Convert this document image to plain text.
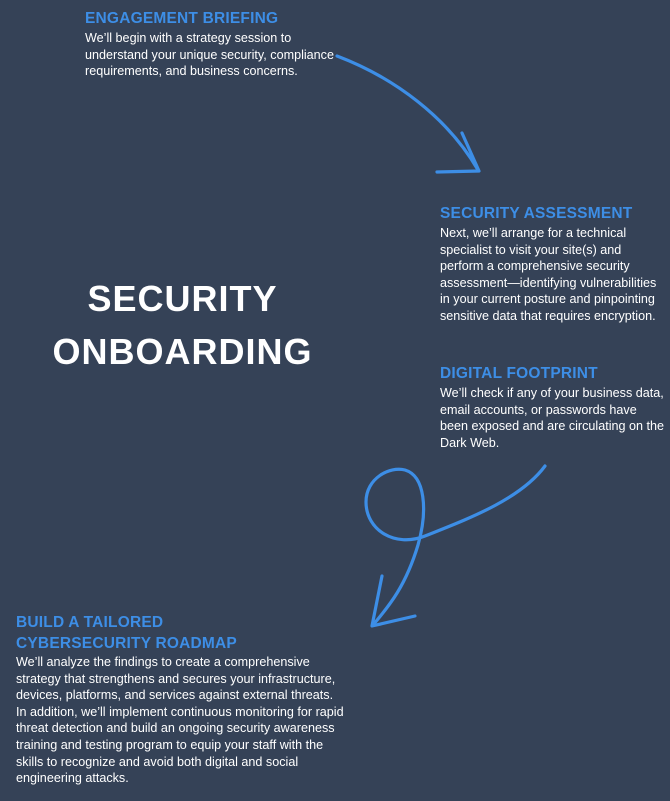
ENGAGEMENT BRIEFING

We’ll begin with a strategy session to understand your unique security, compliance requirements, and business concerns.

SECURITY ASSESSMENT

Next, we’ll arrange for a technical specialist to visit your site(s) and perform a comprehensive security assessment—identifying vulnerabilities in your current posture and pinpointing sensitive data that requires encryption.

DIGITAL FOOTPRINT

We’ll check if any of your business data, email accounts, or passwords have been exposed and are circulating on the Dark Web.

BUILD A TAILORED
CYBERSECURITY ROADMAP

We’ll analyze the findings to create a comprehensive strategy that strengthens and secures your infrastructure, devices, platforms, and services against external threats. In addition, we’ll implement continuous monitoring for rapid threat detection and build an ongoing security awareness training and testing program to equip your staff with the skills to recognize and avoid both digital and social engineering attacks.

SECURITY
ONBOARDING
